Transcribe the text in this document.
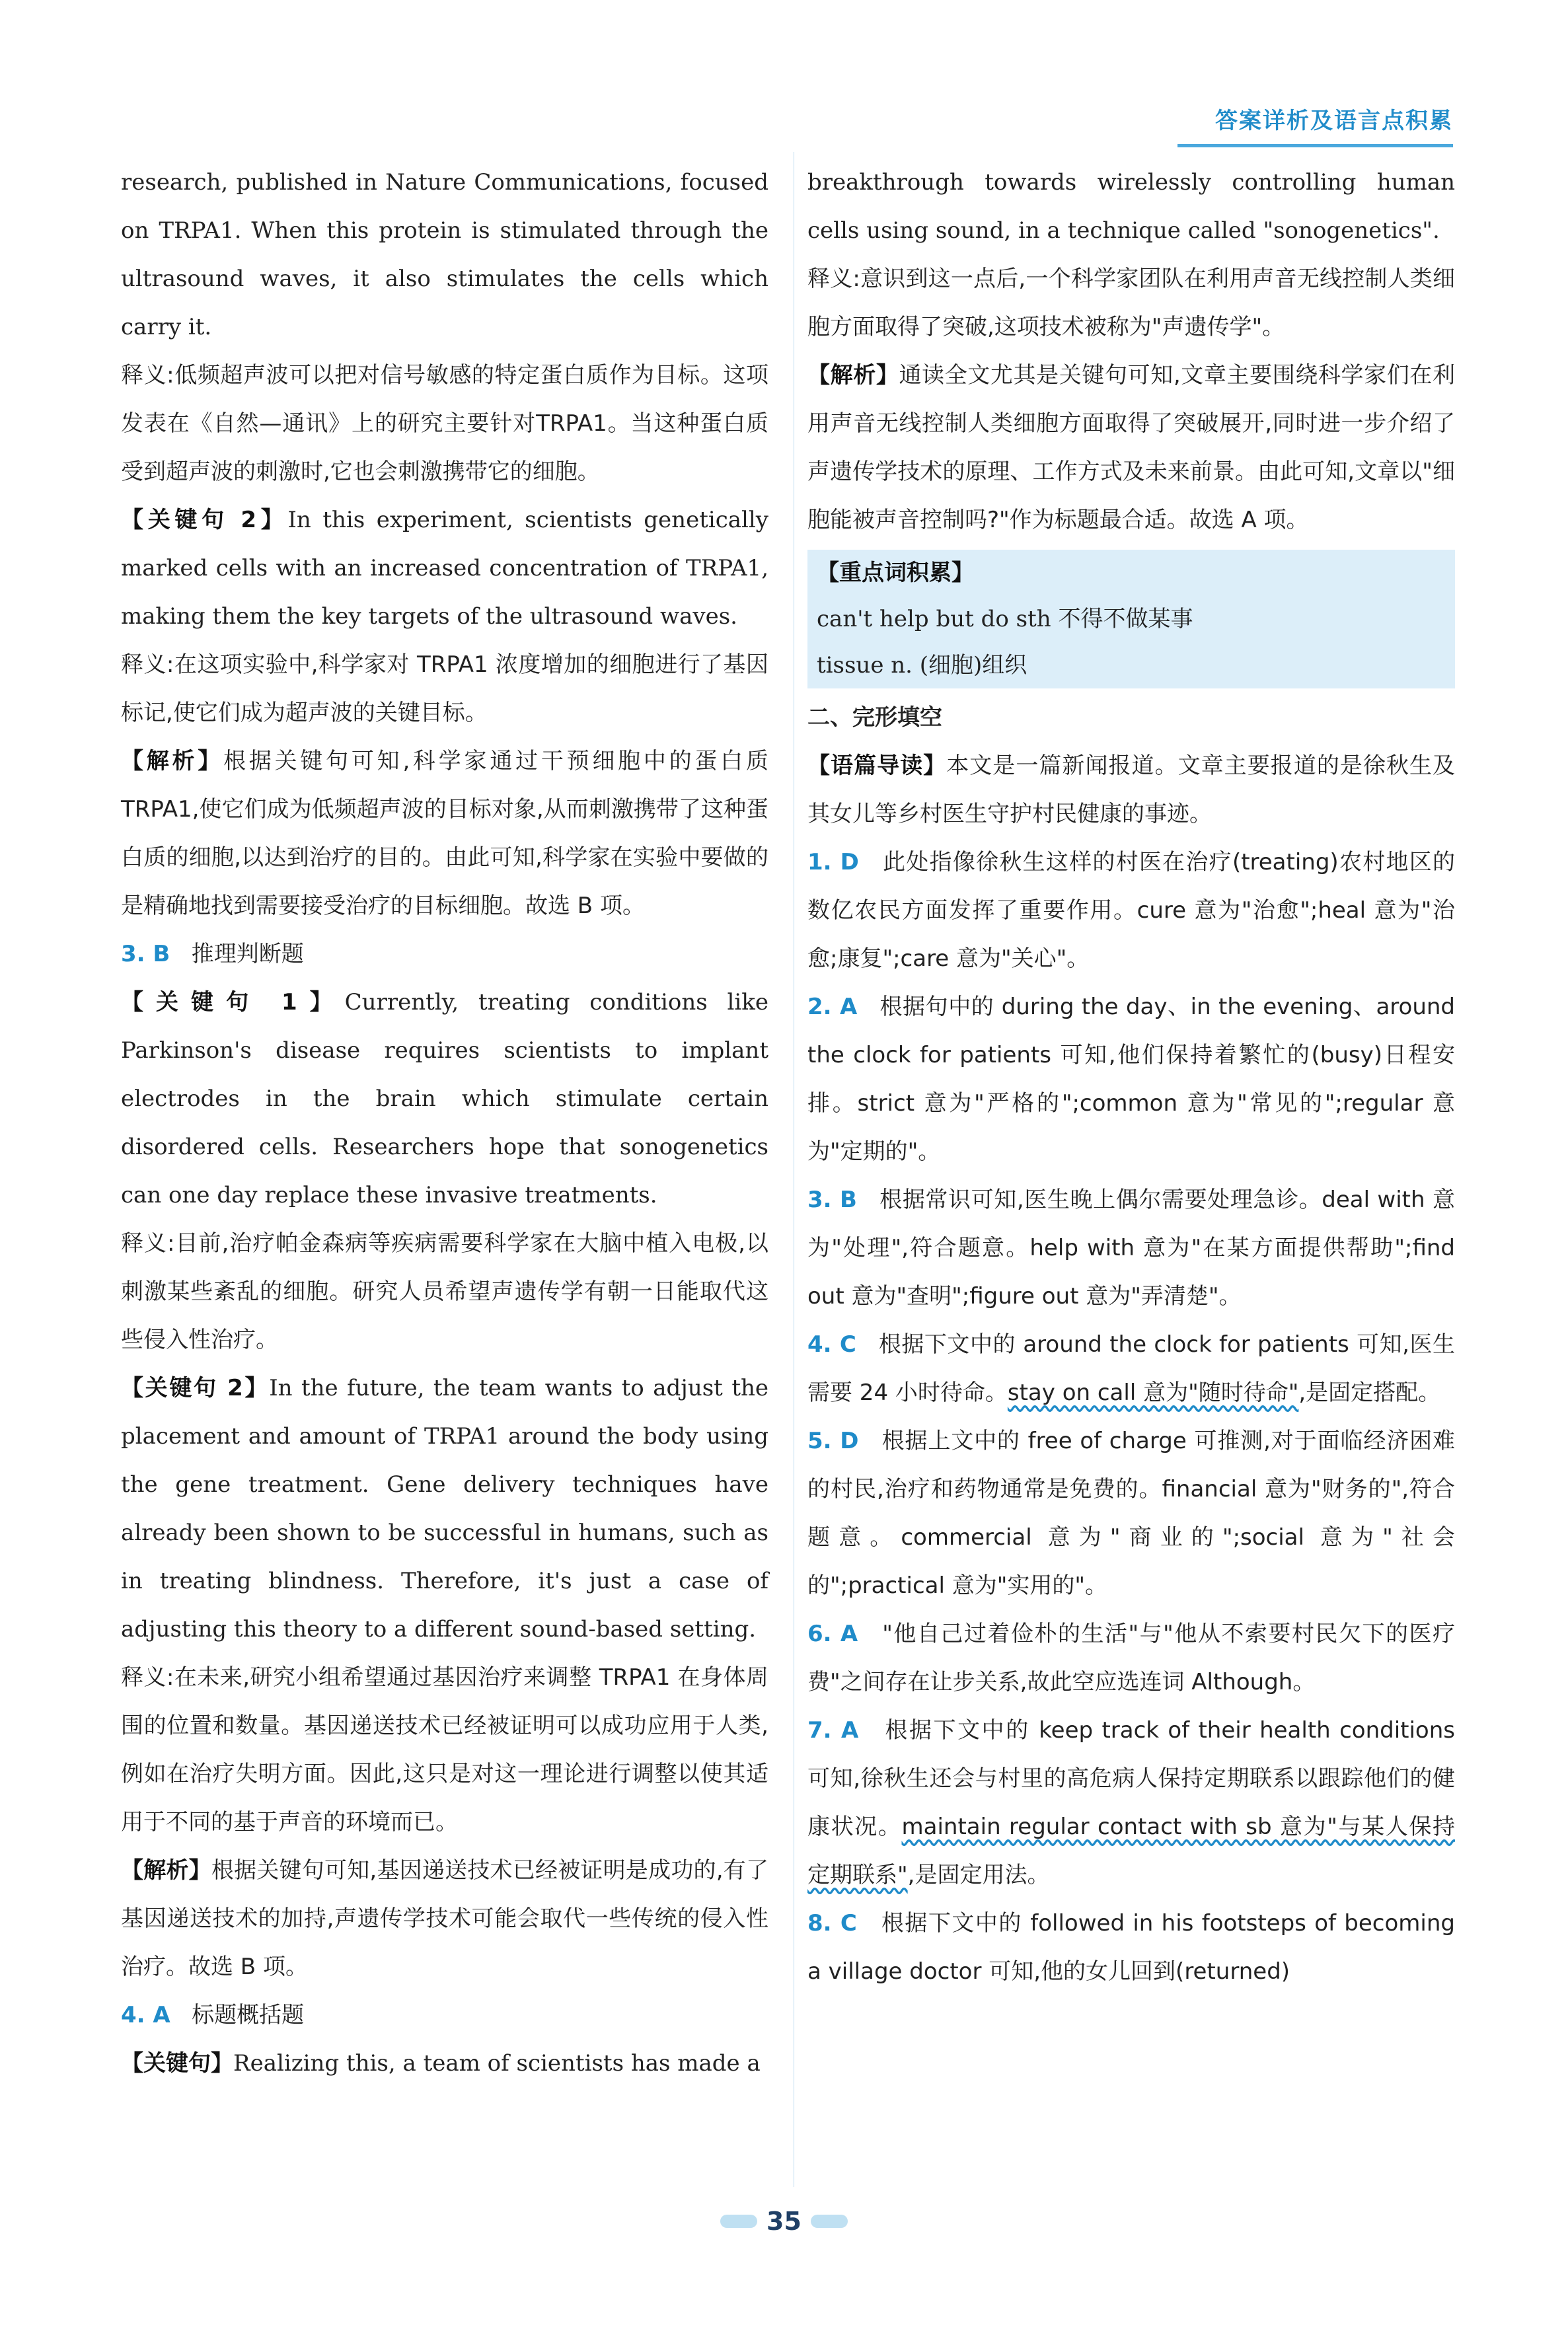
答案详析及语言点积累

research, published in Nature Communications, focused on TRPA1. When this protein is stimulated through the ultrasound waves, it also stimulates the cells which carry it.

释义:低频超声波可以把对信号敏感的特定蛋白质作为目标。这项发表在《自然—通讯》上的研究主要针对TRPA1。当这种蛋白质受到超声波的刺激时,它也会刺激携带它的细胞。

【关键句 2】In this experiment, scientists genetically marked cells with an increased concentration of TRPA1, making them the key targets of the ultrasound waves.

释义:在这项实验中,科学家对 TRPA1 浓度增加的细胞进行了基因标记,使它们成为超声波的关键目标。

【解析】根据关键句可知,科学家通过干预细胞中的蛋白质 TRPA1,使它们成为低频超声波的目标对象,从而刺激携带了这种蛋白质的细胞,以达到治疗的目的。由此可知,科学家在实验中要做的是精确地找到需要接受治疗的目标细胞。故选 B 项。

3. B 推理判断题

【关键句 1】Currently, treating conditions like Parkinson's disease requires scientists to implant electrodes in the brain which stimulate certain disordered cells. Researchers hope that sonogenetics can one day replace these invasive treatments.

释义:目前,治疗帕金森病等疾病需要科学家在大脑中植入电极,以刺激某些紊乱的细胞。研究人员希望声遗传学有朝一日能取代这些侵入性治疗。

【关键句 2】In the future, the team wants to adjust the placement and amount of TRPA1 around the body using the gene treatment. Gene delivery techniques have already been shown to be successful in humans, such as in treating blindness. Therefore, it's just a case of adjusting this theory to a different sound-based setting.

释义:在未来,研究小组希望通过基因治疗来调整 TRPA1 在身体周围的位置和数量。基因递送技术已经被证明可以成功应用于人类,例如在治疗失明方面。因此,这只是对这一理论进行调整以使其适用于不同的基于声音的环境而已。

【解析】根据关键句可知,基因递送技术已经被证明是成功的,有了基因递送技术的加持,声遗传学技术可能会取代一些传统的侵入性治疗。故选 B 项。

4. A 标题概括题

【关键句】Realizing this, a team of scientists has made a

breakthrough towards wirelessly controlling human cells using sound, in a technique called "sonogenetics".

释义:意识到这一点后,一个科学家团队在利用声音无线控制人类细胞方面取得了突破,这项技术被称为"声遗传学"。

【解析】通读全文尤其是关键句可知,文章主要围绕科学家们在利用声音无线控制人类细胞方面取得了突破展开,同时进一步介绍了声遗传学技术的原理、工作方式及未来前景。由此可知,文章以"细胞能被声音控制吗?"作为标题最合适。故选 A 项。

【重点词积累】

can't help but do sth 不得不做某事

tissue n. (细胞)组织

二、完形填空

【语篇导读】本文是一篇新闻报道。文章主要报道的是徐秋生及其女儿等乡村医生守护村民健康的事迹。

1. D 此处指像徐秋生这样的村医在治疗(treating)农村地区的数亿农民方面发挥了重要作用。cure 意为"治愈";heal 意为"治愈;康复";care 意为"关心"。

2. A 根据句中的 during the day、in the evening、around the clock for patients 可知,他们保持着繁忙的(busy)日程安排。strict 意为"严格的";common 意为"常见的";regular 意为"定期的"。

3. B 根据常识可知,医生晚上偶尔需要处理急诊。deal with 意为"处理",符合题意。help with 意为"在某方面提供帮助";find out 意为"查明";figure out 意为"弄清楚"。

4. C 根据下文中的 around the clock for patients 可知,医生需要 24 小时待命。stay on call 意为"随时待命",是固定搭配。

5. D 根据上文中的 free of charge 可推测,对于面临经济困难的村民,治疗和药物通常是免费的。financial 意为"财务的",符合题意。commercial 意为"商业的";social 意为"社会的";practical 意为"实用的"。

6. A "他自己过着俭朴的生活"与"他从不索要村民欠下的医疗费"之间存在让步关系,故此空应选连词 Although。

7. A 根据下文中的 keep track of their health conditions 可知,徐秋生还会与村里的高危病人保持定期联系以跟踪他们的健康状况。maintain regular contact with sb 意为"与某人保持定期联系",是固定用法。

8. C 根据下文中的 followed in his footsteps of becoming a village doctor 可知,他的女儿回到(returned)

35
